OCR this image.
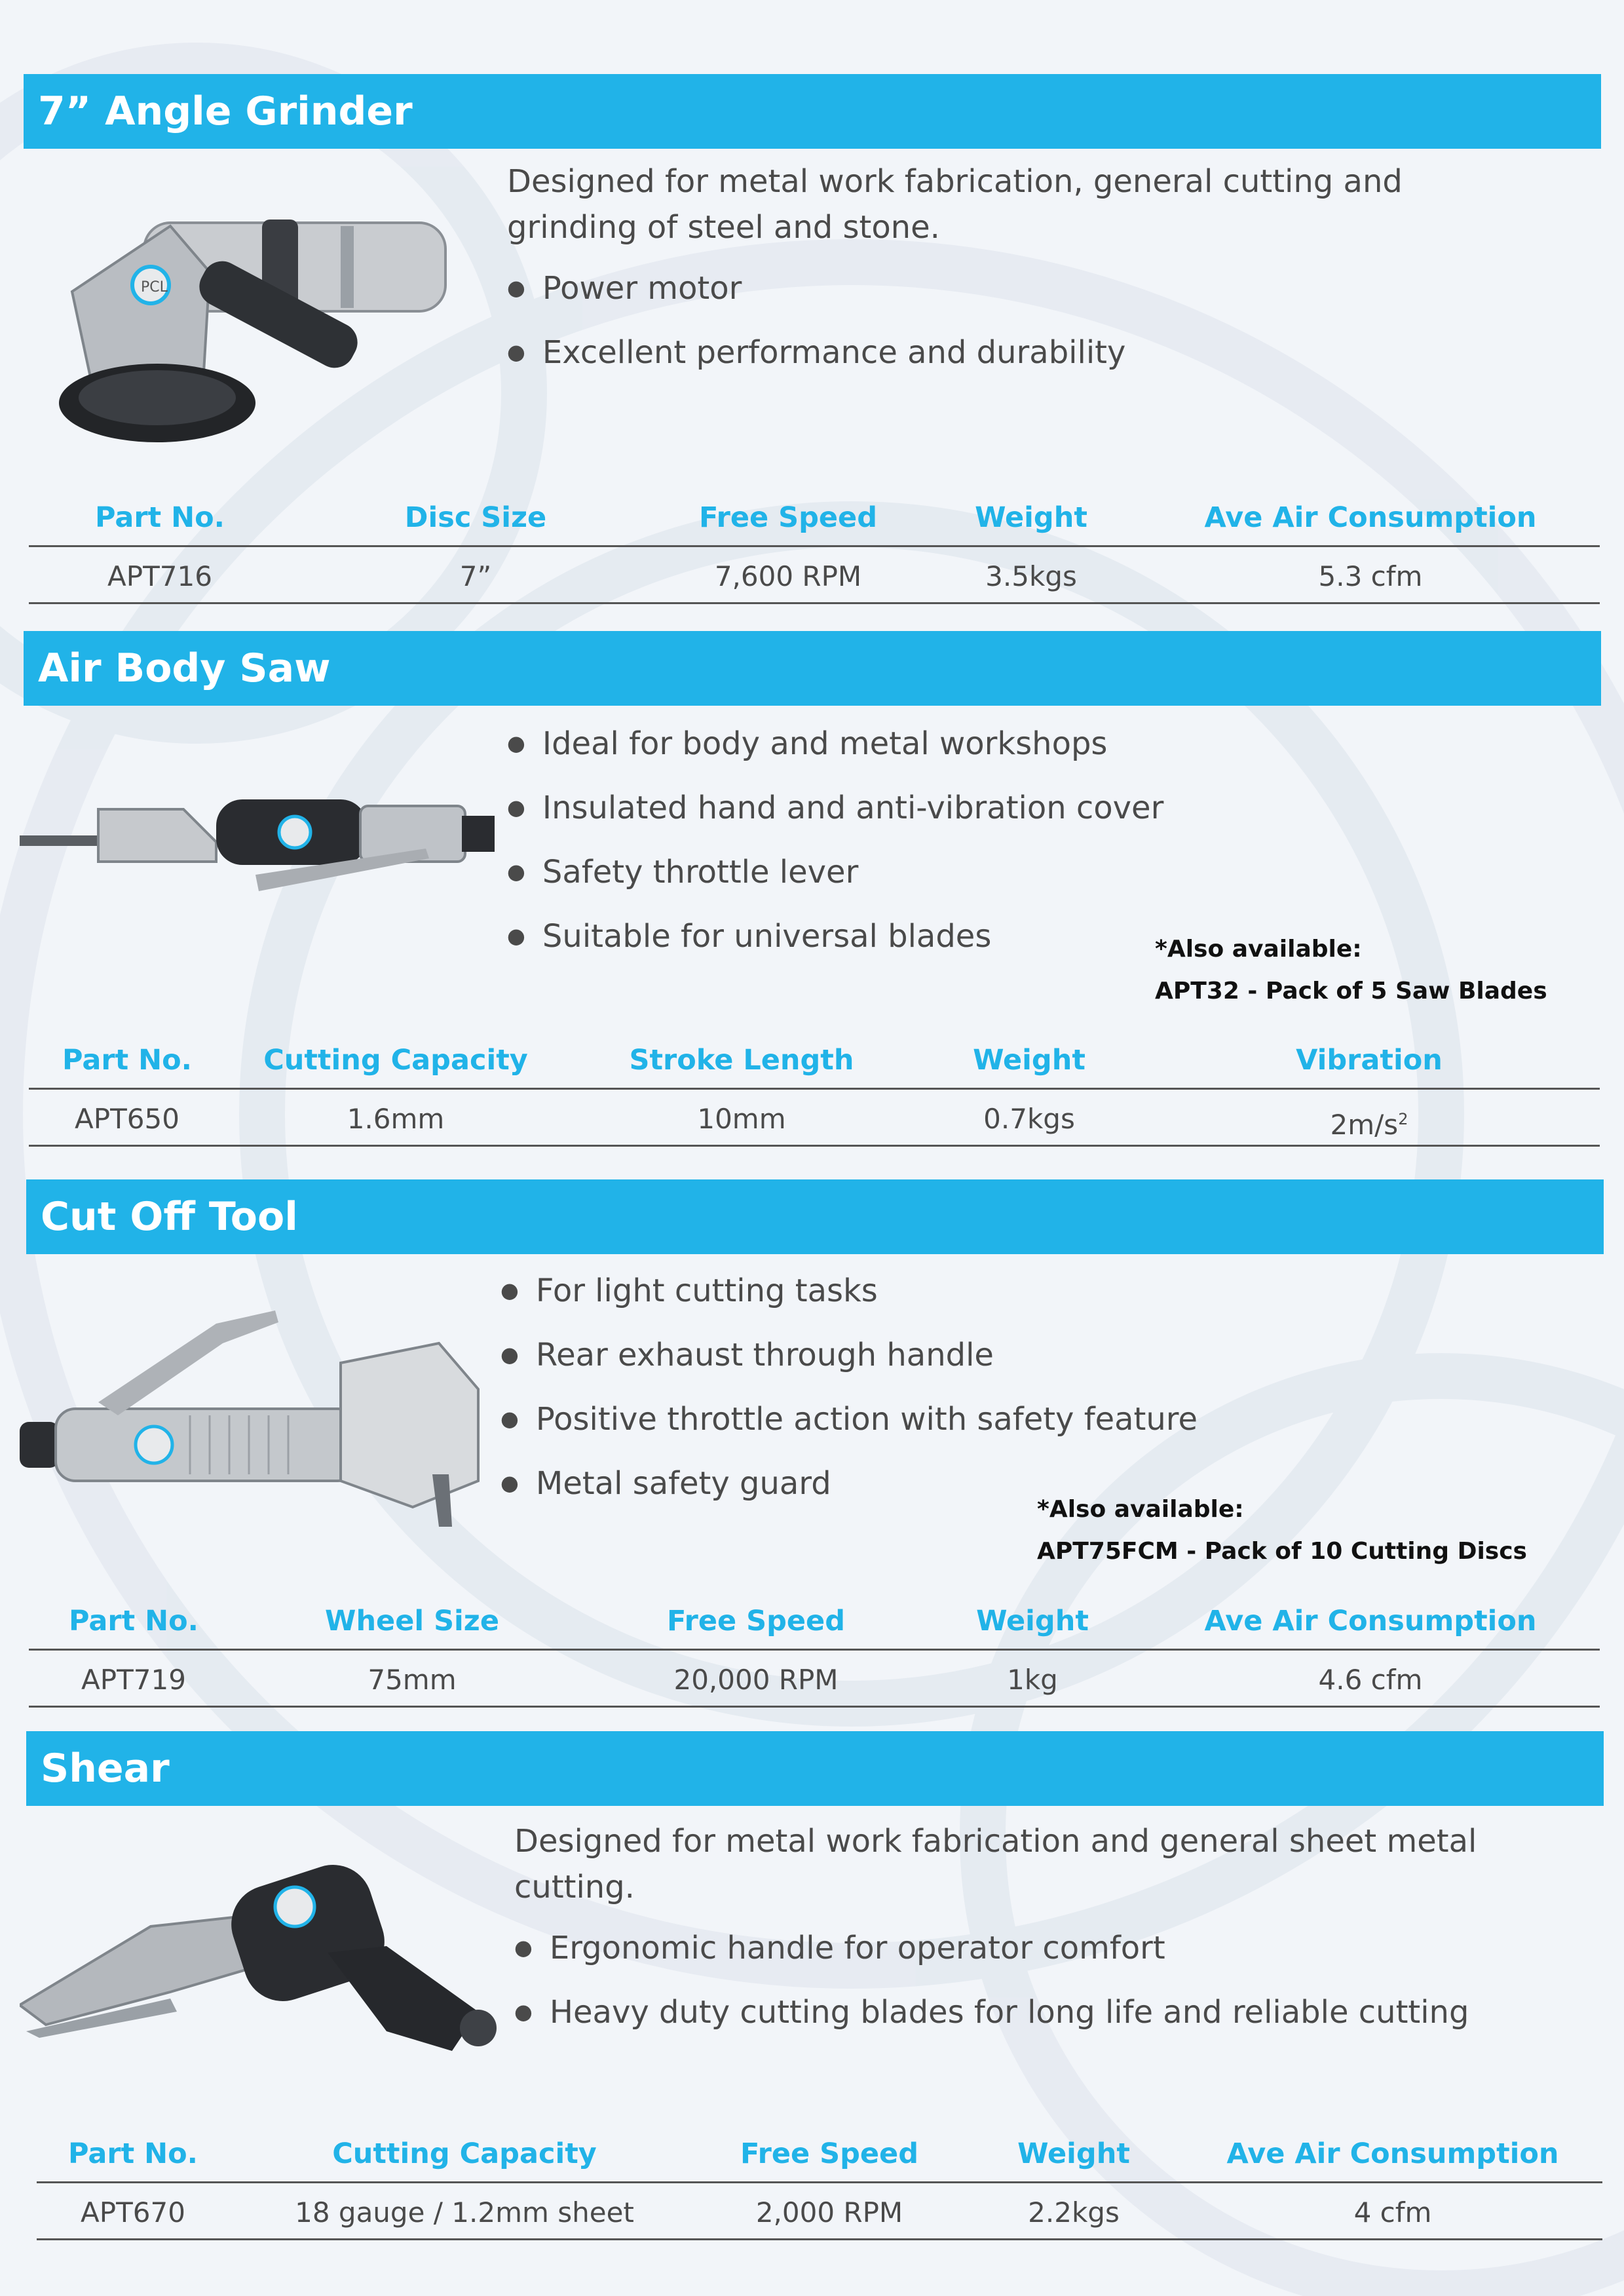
7” Angle Grinder
PCL
Designed for metal work fabrication, general cutting and grinding of steel and stone.
● Power motor
● Excellent performance and durability
Part No.	Disc Size	Free Speed	Weight	Ave Air Consumption
APT716	7”	7,600 RPM	3.5kgs	5.3 cfm
Air Body Saw
● Ideal for body and metal workshops
● Insulated hand and anti-vibration cover
● Safety throttle lever
● Suitable for universal blades	*Also available:
APT32 - Pack of 5 Saw Blades
Part No.	Cutting Capacity	Stroke Length	Weight	Vibration
APT650	1.6mm	10mm	0.7kgs	$2m/s^2$
Cut Off Tool
● For light cutting tasks
● Rear exhaust through handle
● Positive throttle action with safety feature
● Metal safety guard
*Also available:
APT75FCM - Pack of 10 Cutting Discs
Part No.	Wheel Size	Free Speed	Weight	Ave Air Consumption
APT719	75mm	20,000 RPM	1kg	4.6 cfm
Shear
Designed for metal work fabrication and general sheet metal cutting.
● Ergonomic handle for operator comfort
● Heavy duty cutting blades for long life and reliable cutting
Part No.	Cutting Capacity	Free Speed	Weight	Ave Air Consumption
APT670	18 gauge / 1.2mm sheet	2,000 RPM	2.2kgs	4 cfm
